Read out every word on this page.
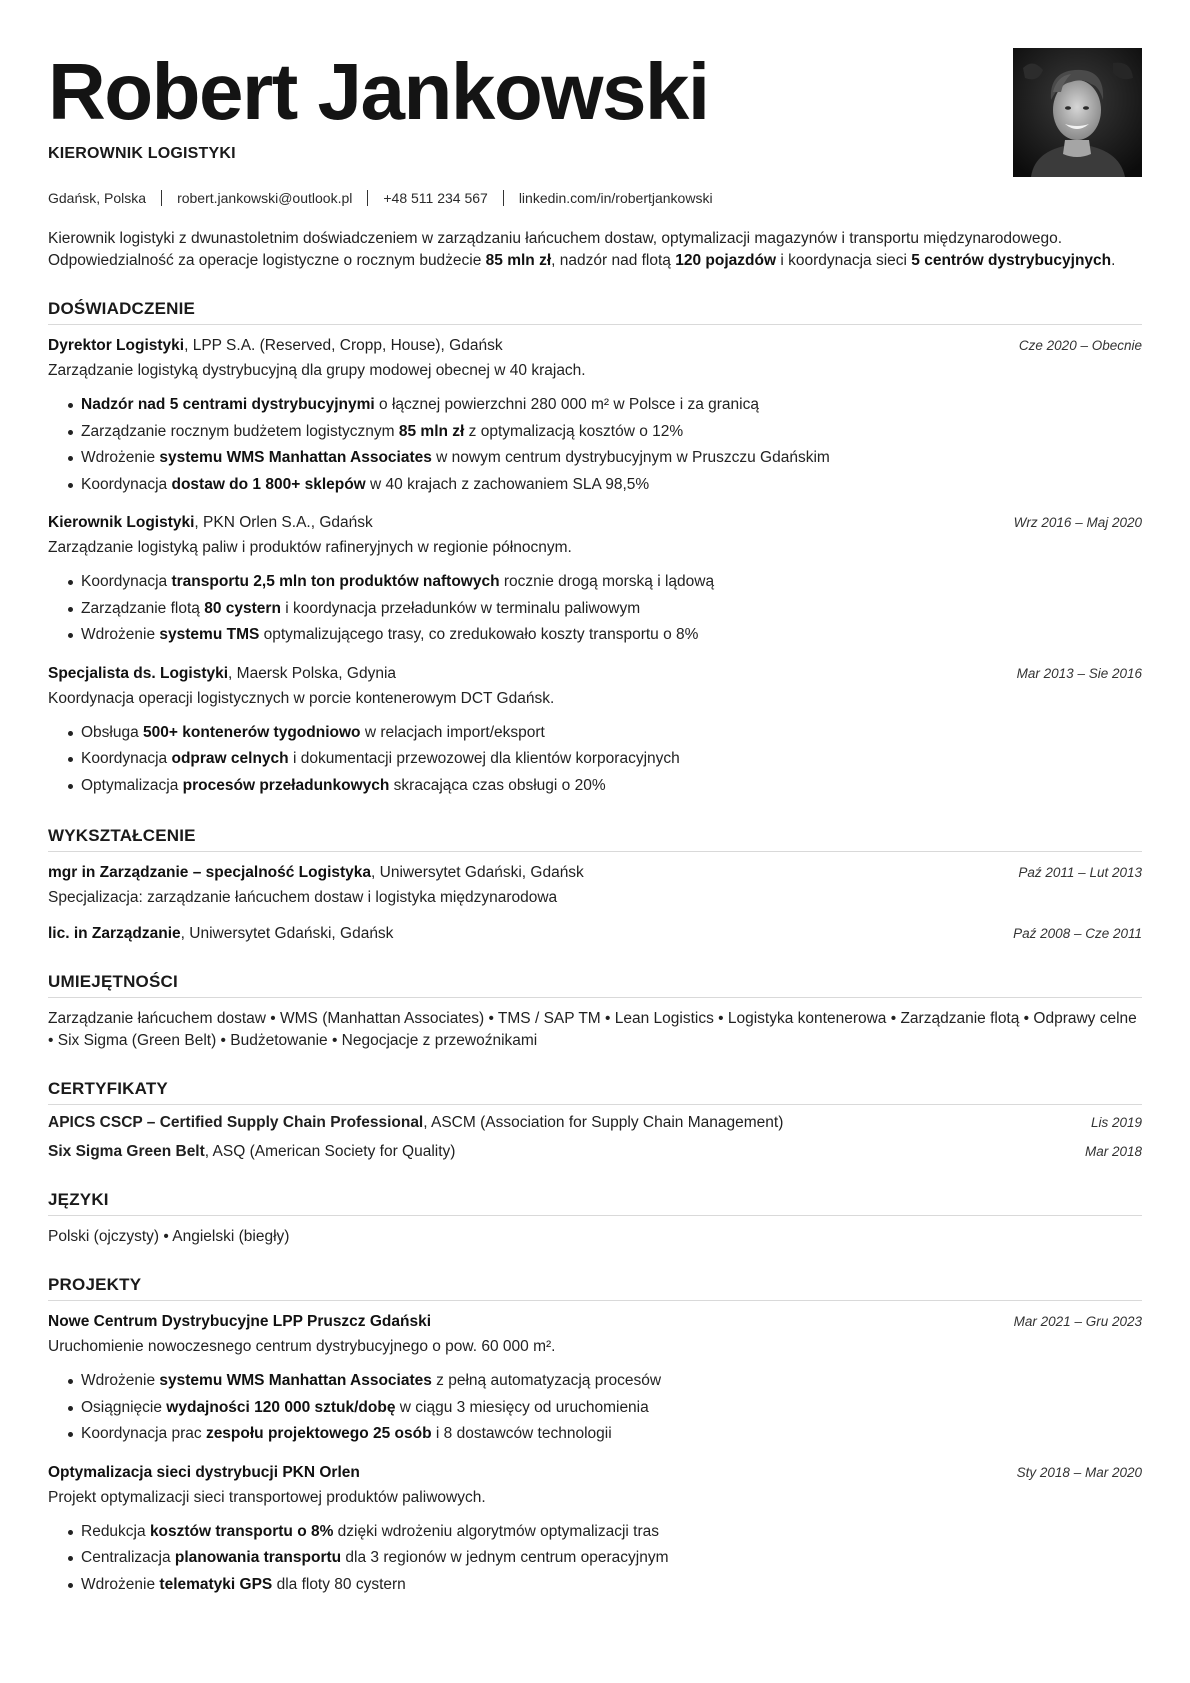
Robert Jankowski
KIEROWNIK LOGISTYKI
Gdańsk, Polska robert.jankowski@outlook.pl +48 511 234 567 linkedin.com/in/robertjankowski

Kierownik logistyki z dwunastoletnim doświadczeniem w zarządzaniu łańcuchem dostaw, optymalizacji magazynów i transportu międzynarodowego. Odpowiedzialność za operacje logistyczne o rocznym budżecie 85 mln zł, nadzór nad flotą 120 pojazdów i koordynacja sieci 5 centrów dystrybucyjnych.

DOŚWIADCZENIE
Dyrektor Logistyki, LPP S.A. (Reserved, Cropp, House), Gdańsk	Cze 2020 – Obecnie
Zarządzanie logistyką dystrybucyjną dla grupy modowej obecnej w 40 krajach.
Nadzór nad 5 centrami dystrybucyjnymi o łącznej powierzchni 280 000 m² w Polsce i za granicą
Zarządzanie rocznym budżetem logistycznym 85 mln zł z optymalizacją kosztów o 12%
Wdrożenie systemu WMS Manhattan Associates w nowym centrum dystrybucyjnym w Pruszczu Gdańskim
Koordynacja dostaw do 1 800+ sklepów w 40 krajach z zachowaniem SLA 98,5%
Kierownik Logistyki, PKN Orlen S.A., Gdańsk	Wrz 2016 – Maj 2020
Zarządzanie logistyką paliw i produktów rafineryjnych w regionie północnym.
Koordynacja transportu 2,5 mln ton produktów naftowych rocznie drogą morską i lądową
Zarządzanie flotą 80 cystern i koordynacja przeładunków w terminalu paliwowym
Wdrożenie systemu TMS optymalizującego trasy, co zredukowało koszty transportu o 8%
Specjalista ds. Logistyki, Maersk Polska, Gdynia	Mar 2013 – Sie 2016
Koordynacja operacji logistycznych w porcie kontenerowym DCT Gdańsk.
Obsługa 500+ kontenerów tygodniowo w relacjach import/eksport
Koordynacja odpraw celnych i dokumentacji przewozowej dla klientów korporacyjnych
Optymalizacja procesów przeładunkowych skracająca czas obsługi o 20%
WYKSZTAŁCENIE
mgr in Zarządzanie – specjalność Logistyka, Uniwersytet Gdański, Gdańsk	Paź 2011 – Lut 2013
Specjalizacja: zarządzanie łańcuchem dostaw i logistyka międzynarodowa
lic. in Zarządzanie, Uniwersytet Gdański, Gdańsk	Paź 2008 – Cze 2011
UMIEJĘTNOŚCI
Zarządzanie łańcuchem dostaw • WMS (Manhattan Associates) • TMS / SAP TM • Lean Logistics • Logistyka kontenerowa • Zarządzanie flotą • Odprawy celne • Six Sigma (Green Belt) • Budżetowanie • Negocjacje z przewoźnikami
CERTYFIKATY
APICS CSCP – Certified Supply Chain Professional, ASCM (Association for Supply Chain Management)	Lis 2019
Six Sigma Green Belt, ASQ (American Society for Quality)	Mar 2018
JĘZYKI
Polski (ojczysty) • Angielski (biegły)
PROJEKTY
Nowe Centrum Dystrybucyjne LPP Pruszcz Gdański	Mar 2021 – Gru 2023
Uruchomienie nowoczesnego centrum dystrybucyjnego o pow. 60 000 m².
Wdrożenie systemu WMS Manhattan Associates z pełną automatyzacją procesów
Osiągnięcie wydajności 120 000 sztuk/dobę w ciągu 3 miesięcy od uruchomienia
Koordynacja prac zespołu projektowego 25 osób i 8 dostawców technologii
Optymalizacja sieci dystrybucji PKN Orlen	Sty 2018 – Mar 2020
Projekt optymalizacji sieci transportowej produktów paliwowych.
Redukcja kosztów transportu o 8% dzięki wdrożeniu algorytmów optymalizacji tras
Centralizacja planowania transportu dla 3 regionów w jednym centrum operacyjnym
Wdrożenie telematyki GPS dla floty 80 cystern
